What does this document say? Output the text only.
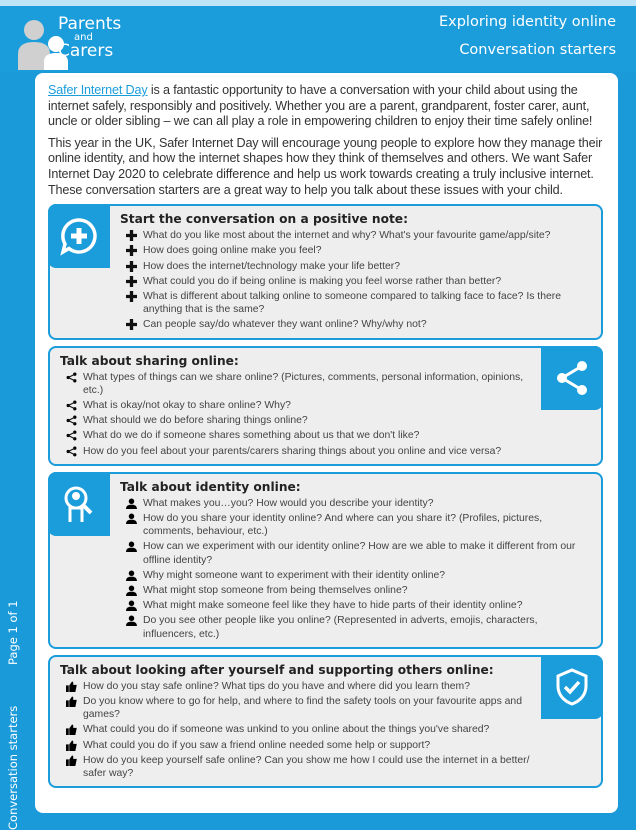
Parents
and
Carers
Exploring identity online
Conversation starters
Page 1 of 1
Conversation starters

Safer Internet Day is a fantastic opportunity to have a conversation with your child about using the internet safely, responsibly and positively. Whether you are a parent, grandparent, foster carer, aunt, uncle or older sibling – we can all play a role in empowering children to enjoy their time safely online!

This year in the UK, Safer Internet Day will encourage young people to explore how they manage their online identity, and how the internet shapes how they think of themselves and others. We want Safer Internet Day 2020 to celebrate difference and help us work towards creating a truly inclusive internet. These conversation starters are a great way to help you talk about these issues with your child.

Start the conversation on a positive note:
What do you like most about the internet and why? What's your favourite game/app/site?
How does going online make you feel?
How does the internet/technology make your life better?
What could you do if being online is making you feel worse rather than better?
What is different about talking online to someone compared to talking face to face? Is there anything that is the same?
Can people say/do whatever they want online? Why/why not?
Talk about sharing online:
What types of things can we share online? (Pictures, comments, personal information, opinions, etc.)
What is okay/not okay to share online? Why?
What should we do before sharing things online?
What do we do if someone shares something about us that we don't like?
How do you feel about your parents/carers sharing things about you online and vice versa?
Talk about identity online:
What makes you…you? How would you describe your identity?
How do you share your identity online? And where can you share it? (Profiles, pictures, comments, behaviour, etc.)
How can we experiment with our identity online? How are we able to make it different from our offline identity?
Why might someone want to experiment with their identity online?
What might stop someone from being themselves online?
What might make someone feel like they have to hide parts of their identity online?
Do you see other people like you online? (Represented in adverts, emojis, characters, influencers, etc.)
Talk about looking after yourself and supporting others online:
How do you stay safe online? What tips do you have and where did you learn them?
Do you know where to go for help, and where to find the safety tools on your favourite apps and games?
What could you do if someone was unkind to you online about the things you've shared?
What could you do if you saw a friend online needed some help or support?
How do you keep yourself safe online? Can you show me how I could use the internet in a better/ safer way?
